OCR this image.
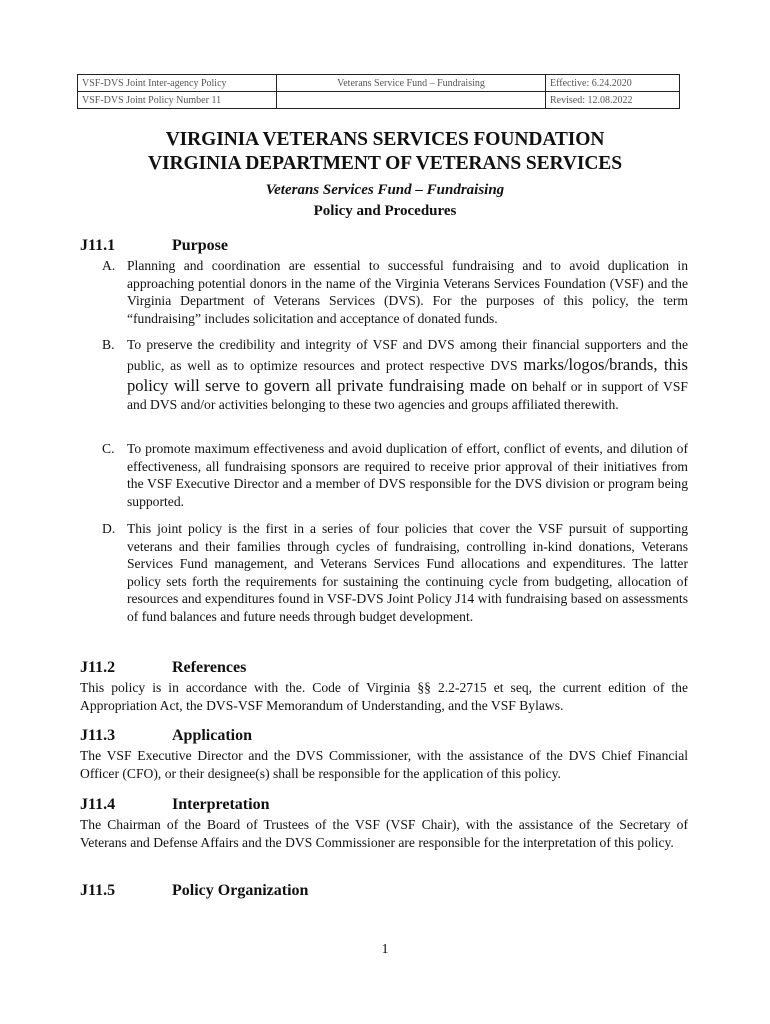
VSF-DVS Joint Inter-agency Policy	Veterans Service Fund – Fundraising	Effective: 6.24.2020
VSF-DVS Joint Policy Number 11		Revised: 12.08.2022
VIRGINIA VETERANS SERVICES FOUNDATION
VIRGINIA DEPARTMENT OF VETERANS SERVICES
Veterans Services Fund – Fundraising
Policy and Procedures
J11.1	Purpose
A. Planning and coordination are essential to successful fundraising and to avoid duplication in approaching potential donors in the name of the Virginia Veterans Services Foundation (VSF) and the Virginia Department of Veterans Services (DVS). For the purposes of this policy, the term “fundraising” includes solicitation and acceptance of donated funds.
B. To preserve the credibility and integrity of VSF and DVS among their financial supporters and the public, as well as to optimize resources and protect respective DVS marks/logos/brands, this policy will serve to govern all private fundraising made on behalf or in support of VSF and DVS and/or activities belonging to these two agencies and groups affiliated therewith.
C. To promote maximum effectiveness and avoid duplication of effort, conflict of events, and dilution of effectiveness, all fundraising sponsors are required to receive prior approval of their initiatives from the VSF Executive Director and a member of DVS responsible for the DVS division or program being supported.
D. This joint policy is the first in a series of four policies that cover the VSF pursuit of supporting veterans and their families through cycles of fundraising, controlling in-kind donations, Veterans Services Fund management, and Veterans Services Fund allocations and expenditures. The latter policy sets forth the requirements for sustaining the continuing cycle from budgeting, allocation of resources and expenditures found in VSF-DVS Joint Policy J14 with fundraising based on assessments of fund balances and future needs through budget development.
J11.2	References

This policy is in accordance with the. Code of Virginia §§ 2.2-2715 et seq, the current edition of the Appropriation Act, the DVS-VSF Memorandum of Understanding, and the VSF Bylaws.

J11.3	Application

The VSF Executive Director and the DVS Commissioner, with the assistance of the DVS Chief Financial Officer (CFO), or their designee(s) shall be responsible for the application of this policy.

J11.4	Interpretation

The Chairman of the Board of Trustees of the VSF (VSF Chair), with the assistance of the Secretary of Veterans and Defense Affairs and the DVS Commissioner are responsible for the interpretation of this policy.

J11.5	Policy Organization
1
